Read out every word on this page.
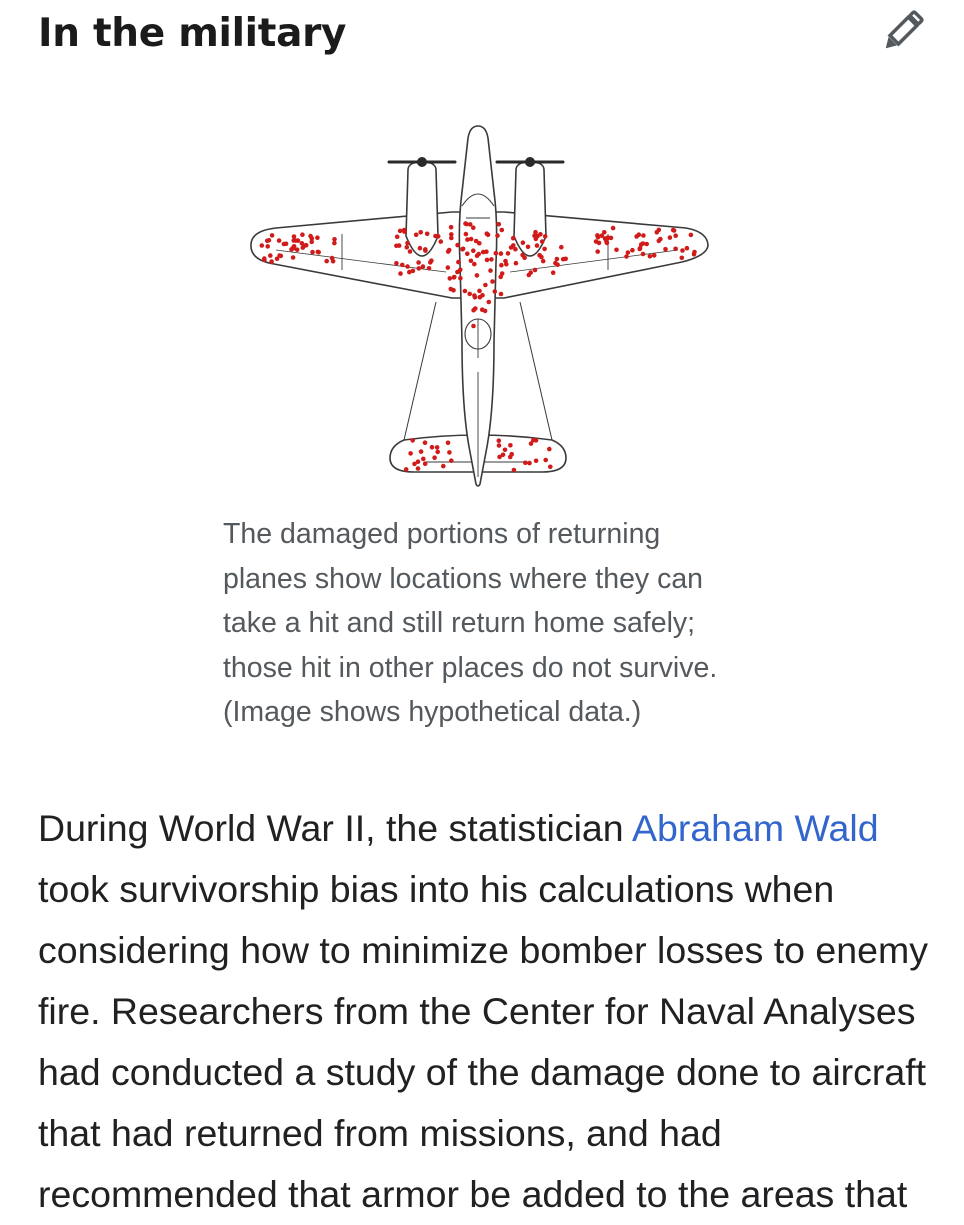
In the military

The damaged portions of returning planes show locations where they can take a hit and still return home safely; those hit in other places do not survive. (Image shows hypothetical data.)

During World War II, the statistician Abraham Wald took survivorship bias into his calculations when considering how to minimize bomber losses to enemy fire. Researchers from the Center for Naval Analyses had conducted a study of the damage done to aircraft that had returned from missions, and had recommended that armor be added to the areas that
